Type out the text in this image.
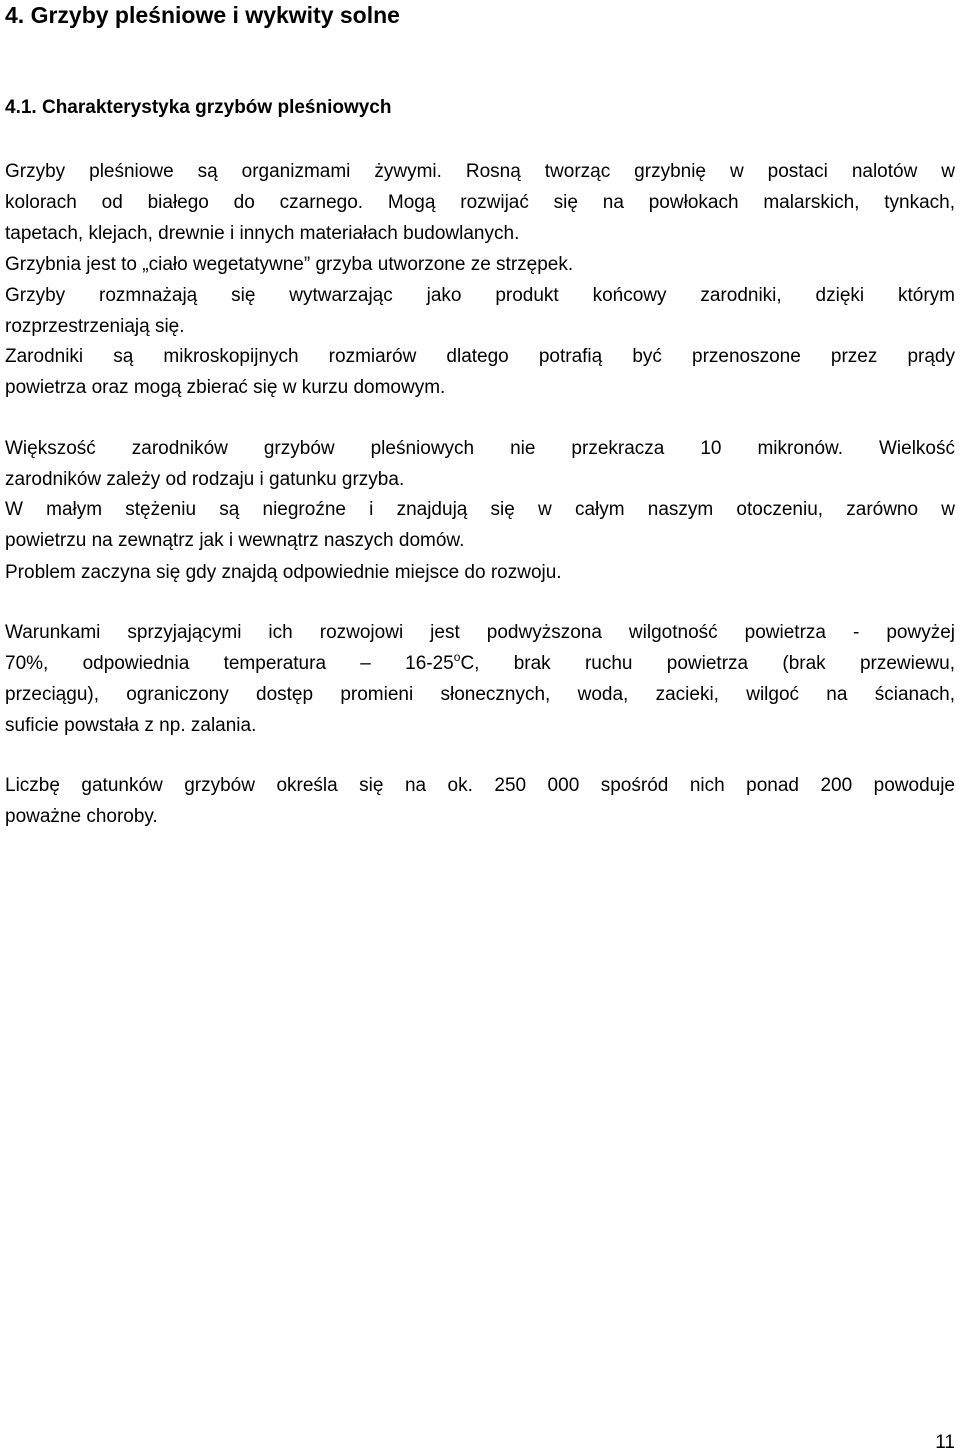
4. Grzyby pleśniowe i wykwity solne
4.1. Charakterystyka grzybów pleśniowych
Grzyby pleśniowe są organizmami żywymi. Rosną tworząc grzybnię w postaci nalotów w
kolorach od białego do czarnego. Mogą rozwijać się na powłokach malarskich, tynkach,
tapetach, klejach, drewnie i innych materiałach budowlanych.
Grzybnia jest to „ciało wegetatywne” grzyba utworzone ze strzępek.
Grzyby rozmnażają się wytwarzając jako produkt końcowy zarodniki, dzięki którym
rozprzestrzeniają się.
Zarodniki są mikroskopijnych rozmiarów dlatego potrafią być przenoszone przez prądy
powietrza oraz mogą zbierać się w kurzu domowym.
Większość zarodników grzybów pleśniowych nie przekracza 10 mikronów. Wielkość
zarodników zależy od rodzaju i gatunku grzyba.
W małym stężeniu są niegroźne i znajdują się w całym naszym otoczeniu, zarówno w
powietrzu na zewnątrz jak i wewnątrz naszych domów.
Problem zaczyna się gdy znajdą odpowiednie miejsce do rozwoju.
Warunkami sprzyjającymi ich rozwojowi jest podwyższona wilgotność powietrza - powyżej
70%, odpowiednia temperatura – 16-25$^o$C, brak ruchu powietrza (brak przewiewu,
przeciągu), ograniczony dostęp promieni słonecznych, woda, zacieki, wilgoć na ścianach,
suficie powstała z np. zalania.
Liczbę gatunków grzybów określa się na ok. 250 000 spośród nich ponad 200 powoduje
poważne choroby.
11
